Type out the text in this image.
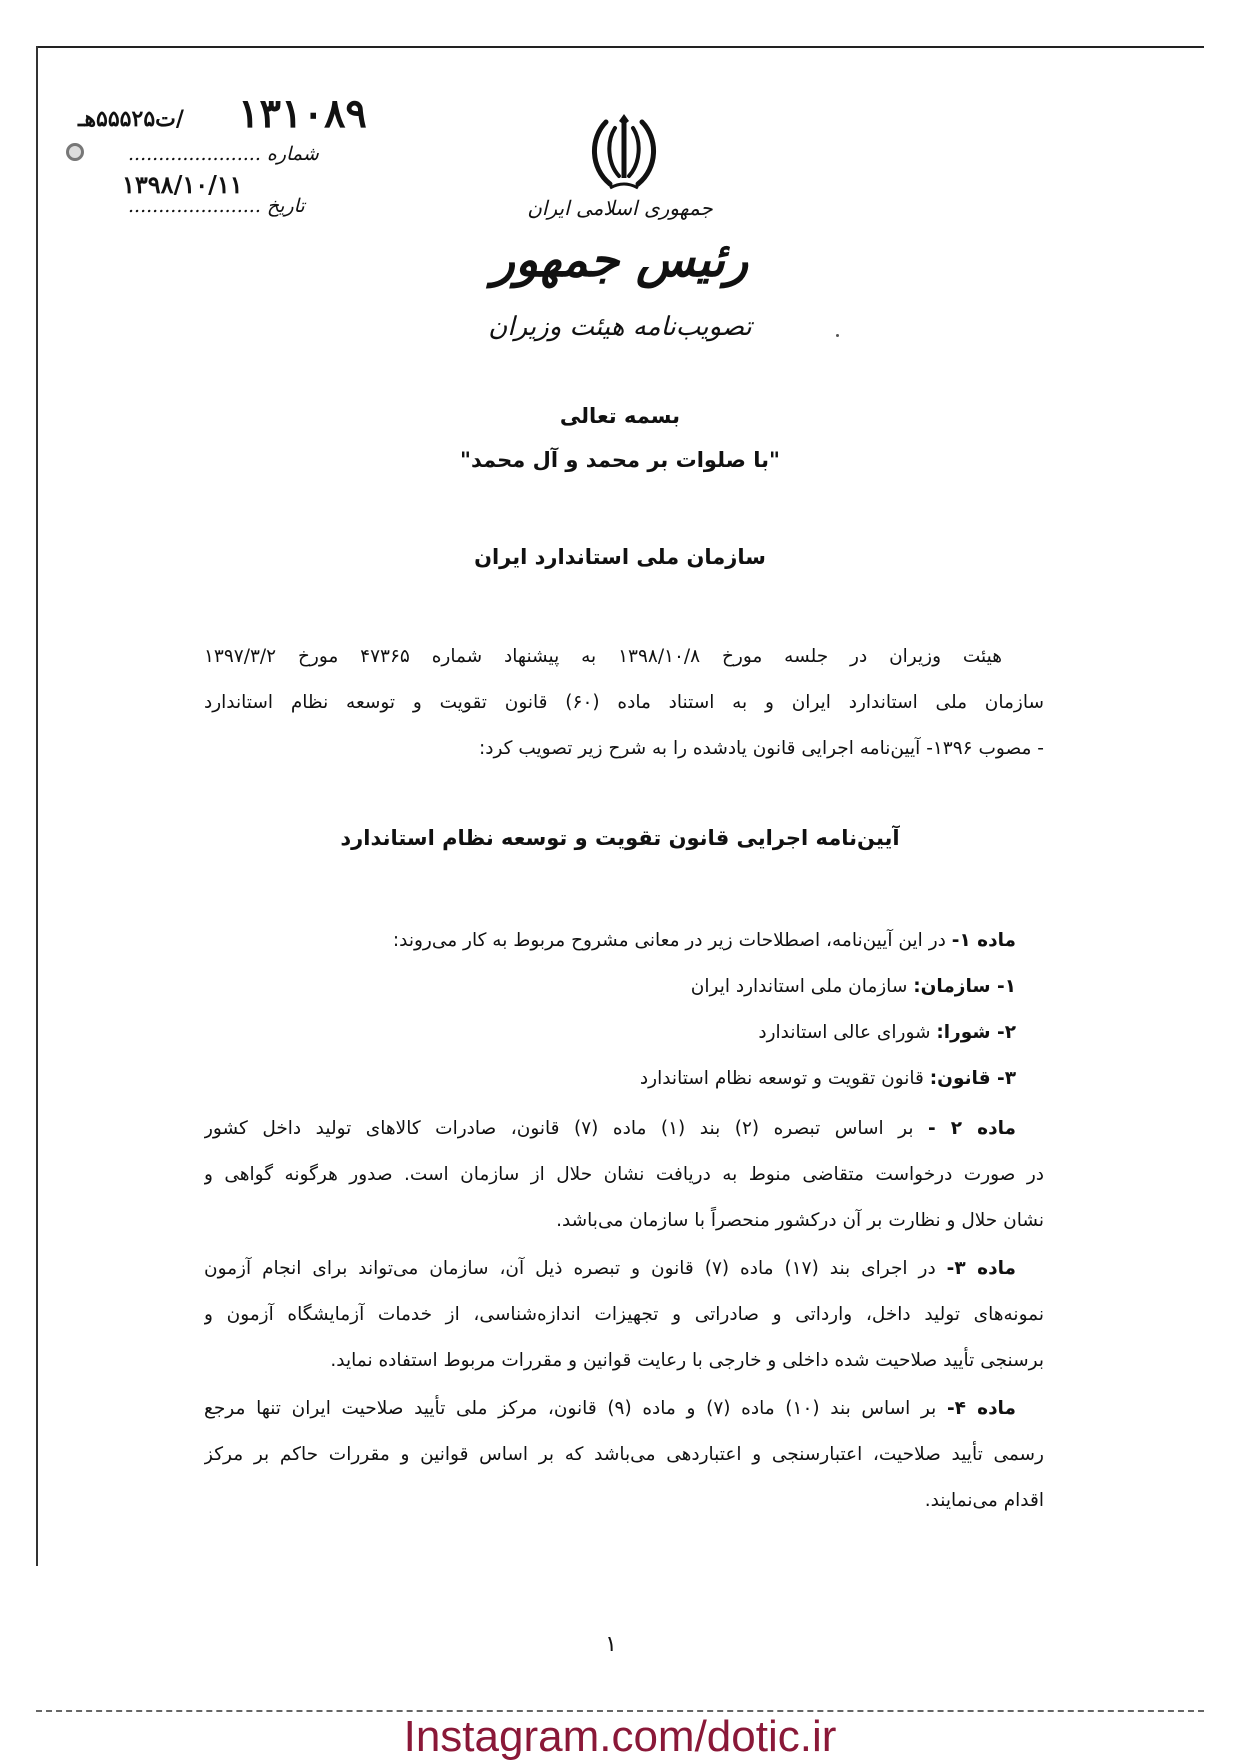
۱۳۱۰۸۹
/ت۵۵۵۲۵هـ
شماره ......................
۱۳۹۸/۱۰/۱۱
تاریخ ......................	جمهوری اسلامی ایران
رئیس جمهور
تصویب‌نامه هیئت وزیران
بسمه تعالی
"با صلوات بر محمد و آل محمد"
سازمان ملی استاندارد ایران
هیئت وزیران در جلسه مورخ ۱۳۹۸/۱۰/۸ به پیشنهاد شماره ۴۷۳۶۵ مورخ ۱۳۹۷/۳/۲
سازمان ملی استاندارد ایران و به استناد ماده (۶۰) قانون تقویت و توسعه نظام استاندارد
- مصوب ۱۳۹۶- آیین‌نامه اجرایی قانون یادشده را به شرح زیر تصویب کرد:
آیین‌نامه اجرایی قانون تقویت و توسعه نظام استاندارد
ماده ۱- در این آیین‌نامه، اصطلاحات زیر در معانی مشروح مربوط به کار می‌روند:
۱- سازمان: سازمان ملی استاندارد ایران
۲- شورا: شورای عالی استاندارد
۳- قانون: قانون تقویت و توسعه نظام استاندارد
ماده ۲ - بر اساس تبصره (۲) بند (۱) ماده (۷) قانون، صادرات کالاهای تولید داخل کشور
در صورت درخواست متقاضی منوط به دریافت نشان حلال از سازمان است. صدور هرگونه گواهی و
نشان حلال و نظارت بر آن درکشور منحصراً با سازمان می‌باشد.
ماده ۳- در اجرای بند (۱۷) ماده (۷) قانون و تبصره ذیل آن، سازمان می‌تواند برای انجام آزمون
نمونه‌های تولید داخل، وارداتی و صادراتی و تجهیزات اندازه‌شناسی، از خدمات آزمایشگاه آزمون و
برسنجی تأیید صلاحیت شده داخلی و خارجی با رعایت قوانین و مقررات مربوط استفاده نماید.
ماده ۴- بر اساس بند (۱۰) ماده (۷) و ماده (۹) قانون، مرکز ملی تأیید صلاحیت ایران تنها مرجع
رسمی تأیید صلاحیت، اعتبارسنجی و اعتباردهی می‌باشد که بر اساس قوانین و مقررات حاکم بر مرکز
اقدام می‌نمایند.
۱
Instagram.com/dotic.ir
